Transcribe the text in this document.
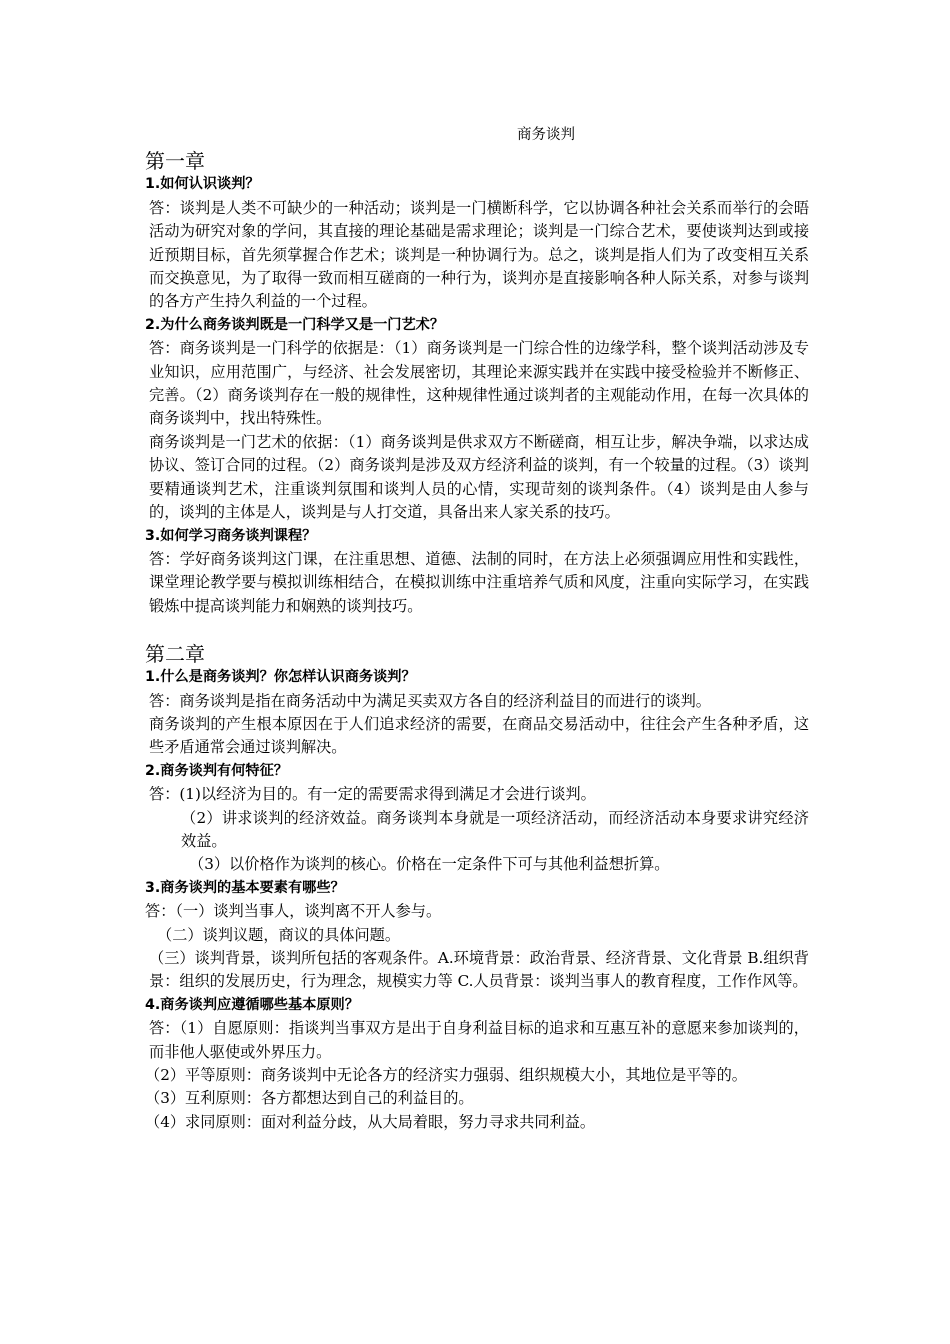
商务谈判
第一章
1.如何认识谈判？

答：谈判是人类不可缺少的一种活动；谈判是一门横断科学，它以协调各种社会关系而举行的会晤活动为研究对象的学问，其直接的理论基础是需求理论；谈判是一门综合艺术，要使谈判达到或接近预期目标，首先须掌握合作艺术；谈判是一种协调行为。总之，谈判是指人们为了改变相互关系而交换意见，为了取得一致而相互磋商的一种行为，谈判亦是直接影响各种人际关系，对参与谈判的各方产生持久利益的一个过程。

2.为什么商务谈判既是一门科学又是一门艺术？

答：商务谈判是一门科学的依据是：（1）商务谈判是一门综合性的边缘学科，整个谈判活动涉及专业知识，应用范围广，与经济、社会发展密切，其理论来源实践并在实践中接受检验并不断修正、完善。（2）商务谈判存在一般的规律性，这种规律性通过谈判者的主观能动作用，在每一次具体的商务谈判中，找出特殊性。

商务谈判是一门艺术的依据：（1）商务谈判是供求双方不断磋商，相互让步，解决争端，以求达成协议、签订合同的过程。（2）商务谈判是涉及双方经济利益的谈判，有一个较量的过程。（3）谈判要精通谈判艺术，注重谈判氛围和谈判人员的心情，实现苛刻的谈判条件。（4）谈判是由人参与的，谈判的主体是人，谈判是与人打交道，具备出来人家关系的技巧。

3.如何学习商务谈判课程？

答：学好商务谈判这门课，在注重思想、道德、法制的同时，在方法上必须强调应用性和实践性，课堂理论教学要与模拟训练相结合，在模拟训练中注重培养气质和风度，注重向实际学习，在实践锻炼中提高谈判能力和娴熟的谈判技巧。

第二章
1.什么是商务谈判？你怎样认识商务谈判？

答：商务谈判是指在商务活动中为满足买卖双方各自的经济利益目的而进行的谈判。

商务谈判的产生根本原因在于人们追求经济的需要，在商品交易活动中，往往会产生各种矛盾，这些矛盾通常会通过谈判解决。

2.商务谈判有何特征？

答：(1)以经济为目的。有一定的需要需求得到满足才会进行谈判。

（2）讲求谈判的经济效益。商务谈判本身就是一项经济活动，而经济活动本身要求讲究经济效益。

（3）以价格作为谈判的核心。价格在一定条件下可与其他利益想折算。

3.商务谈判的基本要素有哪些？

答：（一）谈判当事人，谈判离不开人参与。

（二）谈判议题，商议的具体问题。

（三）谈判背景，谈判所包括的客观条件。A.环境背景：政治背景、经济背景、文化背景 B.组织背景：组织的发展历史，行为理念，规模实力等 C.人员背景：谈判当事人的教育程度，工作作风等。

4.商务谈判应遵循哪些基本原则？

答：（1）自愿原则：指谈判当事双方是出于自身利益目标的追求和互惠互补的意愿来参加谈判的，而非他人驱使或外界压力。

（2）平等原则：商务谈判中无论各方的经济实力强弱、组织规模大小，其地位是平等的。

（3）互利原则：各方都想达到自己的利益目的。

（4）求同原则：面对利益分歧，从大局着眼，努力寻求共同利益。
